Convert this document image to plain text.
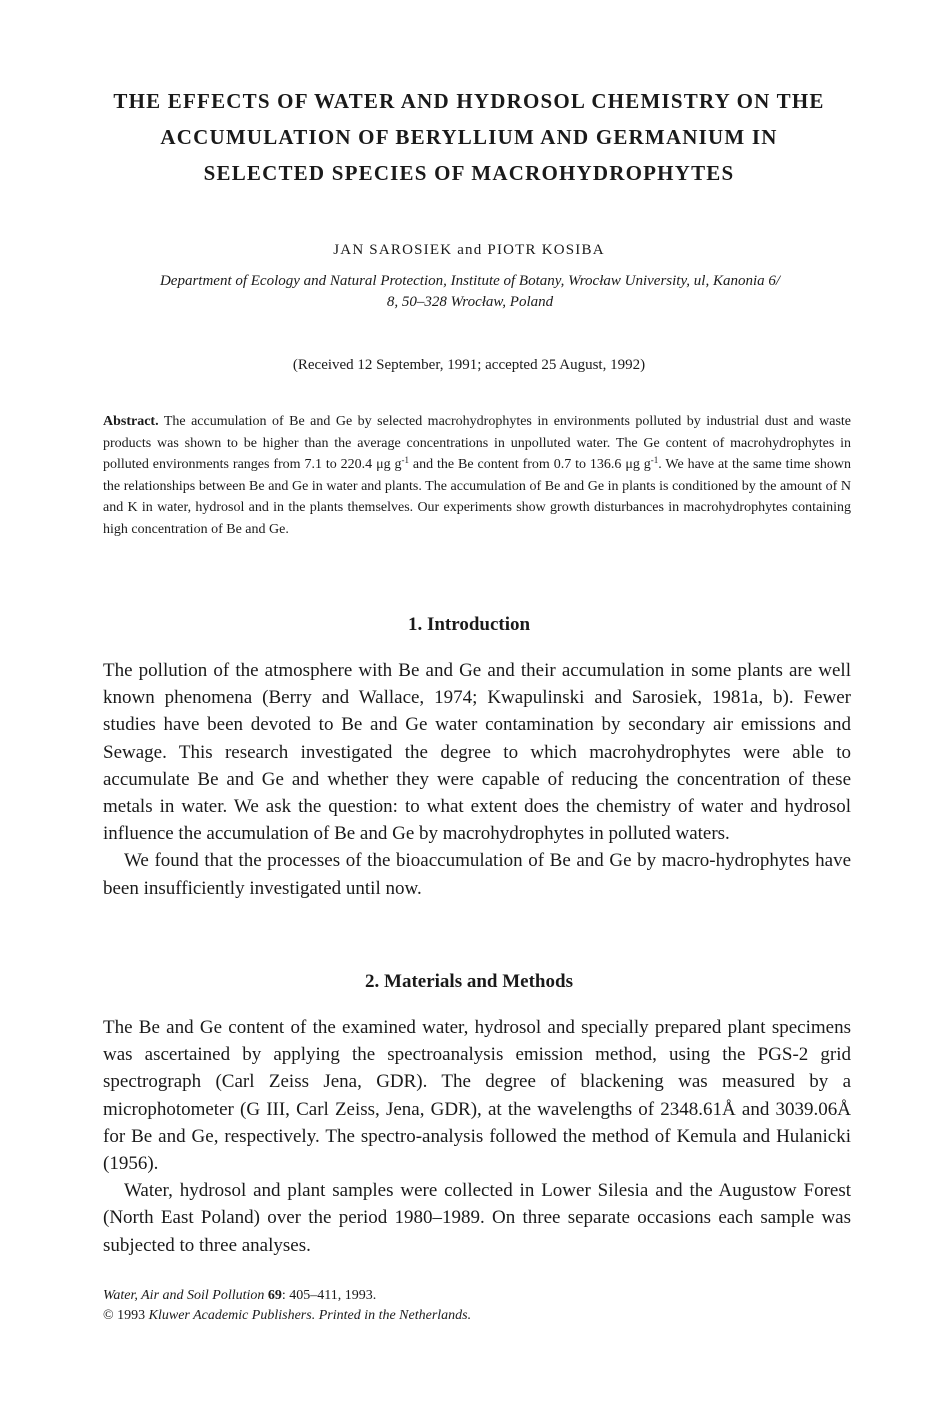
THE EFFECTS OF WATER AND HYDROSOL CHEMISTRY ON THE
ACCUMULATION OF BERYLLIUM AND GERMANIUM IN
SELECTED SPECIES OF MACROHYDROPHYTES
JAN SAROSIEK and PIOTR KOSIBA
Department of Ecology and Natural Protection, Institute of Botany, Wrocław University, ul, Kanonia 6/
8, 50–328 Wrocław, Poland
(Received 12 September, 1991; accepted 25 August, 1992)
Abstract. The accumulation of Be and Ge by selected macrohydrophytes in environments polluted by industrial dust and waste products was shown to be higher than the average concentrations in unpolluted water. The Ge content of macrohydrophytes in polluted environments ranges from 7.1 to 220.4 μg $g^{-1}$ and the Be content from 0.7 to 136.6 μg $g^{-1}$. We have at the same time shown the relationships between Be and Ge in water and plants. The accumulation of Be and Ge in plants is conditioned by the amount of N and K in water, hydrosol and in the plants themselves. Our experiments show growth disturbances in macrohydrophytes containing high concentration of Be and Ge.
1. Introduction

The pollution of the atmosphere with Be and Ge and their accumulation in some plants are well known phenomena (Berry and Wallace, 1974; Kwapulinski and Sarosiek, 1981a, b). Fewer studies have been devoted to Be and Ge water contamination by secondary air emissions and Sewage. This research investigated the degree to which macrohydrophytes were able to accumulate Be and Ge and whether they were capable of reducing the concentration of these metals in water. We ask the question: to what extent does the chemistry of water and hydrosol influence the accumulation of Be and Ge by macrohydrophytes in polluted waters.

We found that the processes of the bioaccumulation of Be and Ge by macro-hydrophytes have been insufficiently investigated until now.

2. Materials and Methods

The Be and Ge content of the examined water, hydrosol and specially prepared plant specimens was ascertained by applying the spectroanalysis emission method, using the PGS-2 grid spectrograph (Carl Zeiss Jena, GDR). The degree of blackening was measured by a microphotometer (G III, Carl Zeiss, Jena, GDR), at the wavelengths of 2348.61Å and 3039.06Å for Be and Ge, respectively. The spectro-analysis followed the method of Kemula and Hulanicki (1956).

Water, hydrosol and plant samples were collected in Lower Silesia and the Augustow Forest (North East Poland) over the period 1980–1989. On three separate occasions each sample was subjected to three analyses.

Water, Air and Soil Pollution 69: 405–411, 1993.
© 1993 Kluwer Academic Publishers. Printed in the Netherlands.
